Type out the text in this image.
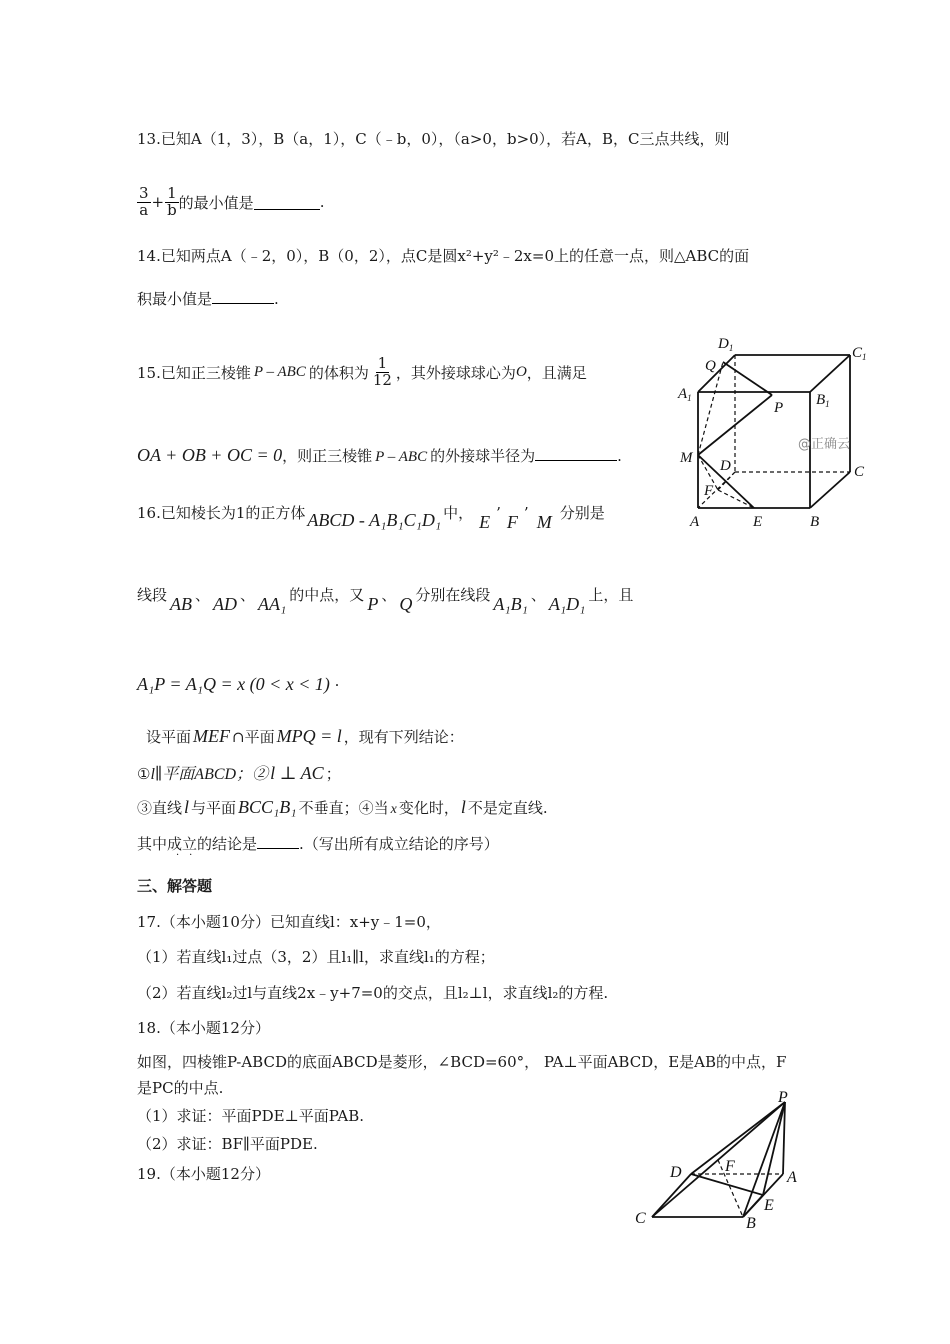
13.已知A（1，3），B（a，1），C（﹣b，0），（a>0，b>0），若A，B，C三点共线，则
$\frac{3}{a} + \frac{1}{b}$ 的最小值是	.
14.已知两点A（﹣2，0），B（0，2），点C是圆x²+y²﹣2x=0上的任意一点，则△ABC的面
积最小值是	.
15.已知正三棱锥 P – ABC 的体积为 $\frac{1}{12}$ ，其外接球球心为 O ，且满足
OA + OB + OC = 0 ，则正三棱锥 P – ABC 的外接球半径为	.
16.已知棱长为1的正方体 ABCD - A₁B₁C₁D₁ 中， E ’ F ’ M 分别是
线段 AB 、 AD 、 AA₁ 的中点，又 P 、 Q 分别在线段 A₁B₁ 、 A₁D₁ 上，且
A₁P = A₁Q = x (0 < x < 1) ·
设平面 MEF ∩平面 MPQ = l ，现有下列结论：
① l∥平面ABCD；② l ⊥ AC ；
③直线 l 与平面 BCC₁B₁ 不垂直；④当 x 变化时， l 不是定直线.
其中成立的结论是	.（写出所有成立结论的序号）
··
三、解答题
17.（本小题10分）已知直线l：x+y﹣1=0，
（1）若直线l₁过点（3，2）且l₁∥l，求直线l₁的方程；
（2）若直线l₂过l与直线2x﹣y+7=0的交点，且l₂⊥l，求直线l₂的方程.
18.（本小题12分）
如图，四棱锥P-ABCD的底面ABCD是菱形，∠BCD=60°， PA⊥平面ABCD，E是AB的中点，F
是PC的中点.
（1）求证：平面PDE⊥平面PAB.
（2）求证：BF∥平面PDE.
19.（本小题12分）
$D_1$	$C_1$
Q
$A_1$
P $B_1$
M D	C
F
A	E	B
@正确云
P
D	F
A
E
C	B
